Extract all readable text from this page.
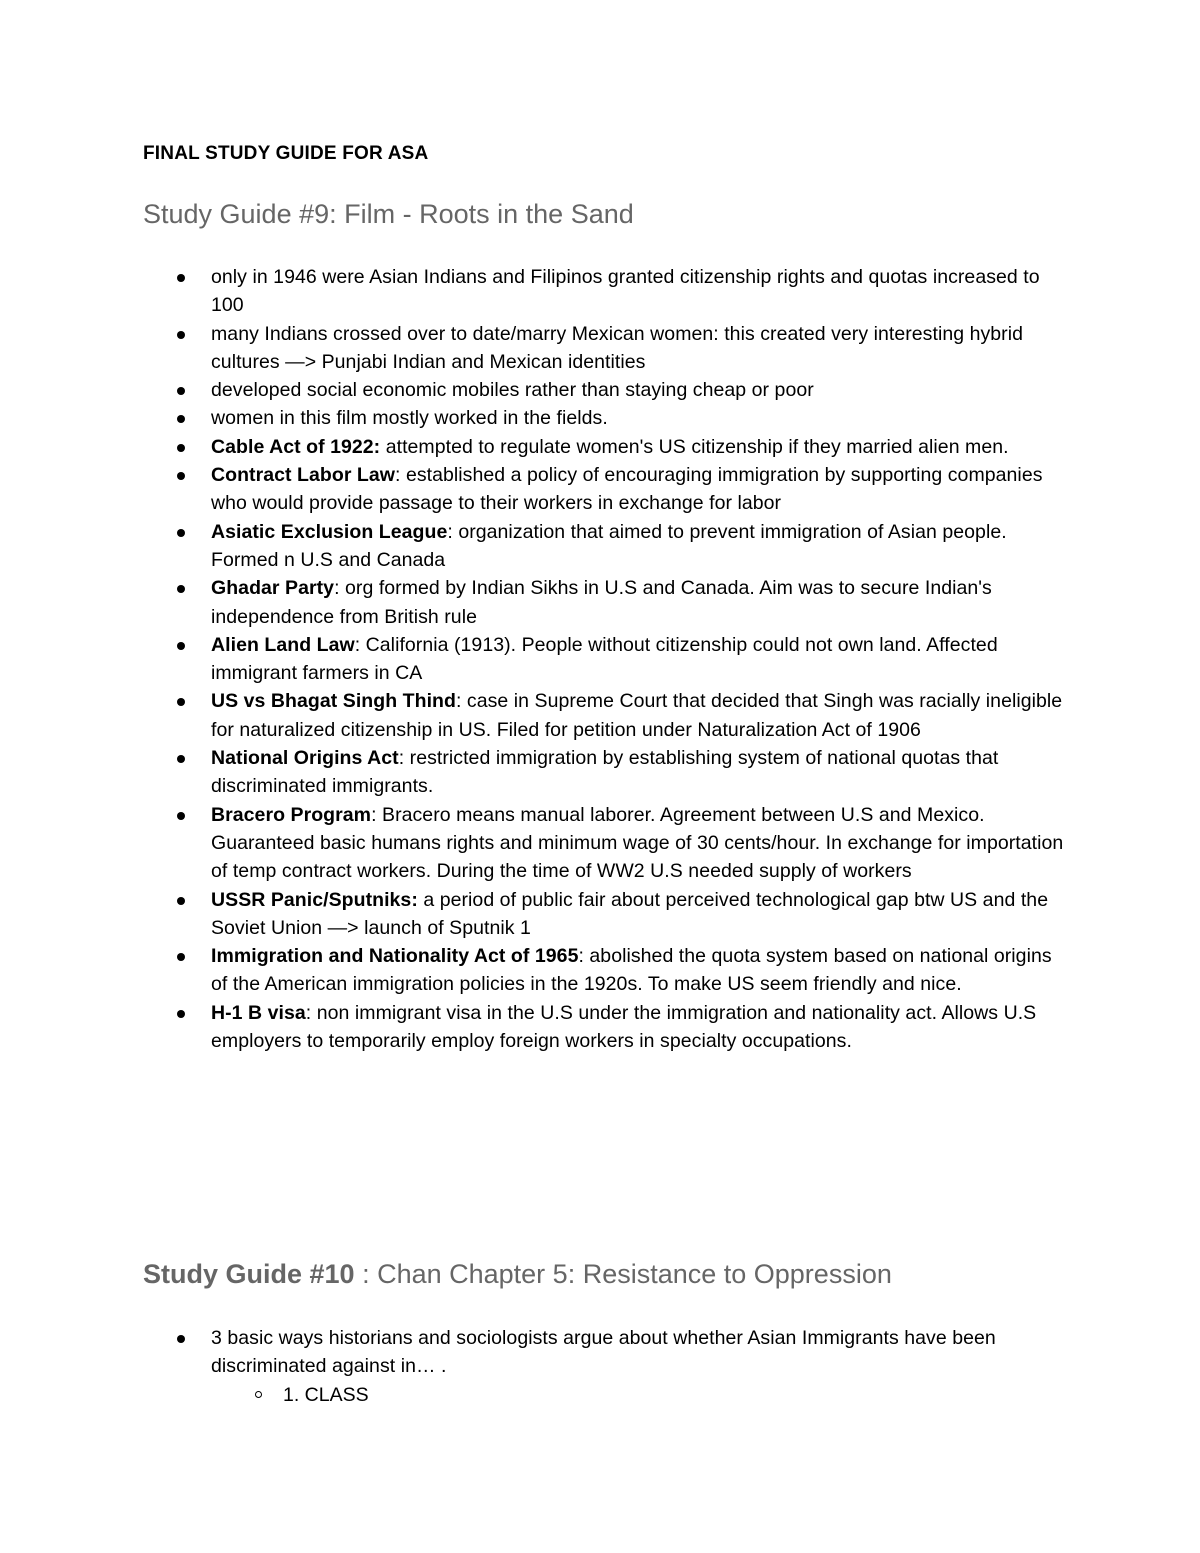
FINAL STUDY GUIDE FOR ASA
Study Guide #9: Film - Roots in the Sand
only in 1946 were Asian Indians and Filipinos granted citizenship rights and quotas increased to 100
many Indians crossed over to date/marry Mexican women: this created very interesting hybrid cultures —> Punjabi Indian and Mexican identities
developed social economic mobiles rather than staying cheap or poor
women in this film mostly worked in the fields.
Cable Act of 1922: attempted to regulate women's US citizenship if they married alien men.
Contract Labor Law: established a policy of encouraging immigration by supporting companies who would provide passage to their workers in exchange for labor
Asiatic Exclusion League: organization that aimed to prevent immigration of Asian people. Formed n U.S and Canada
Ghadar Party: org formed by Indian Sikhs in U.S and Canada. Aim was to secure Indian's independence from British rule
Alien Land Law: California (1913). People without citizenship could not own land. Affected immigrant farmers in CA
US vs Bhagat Singh Thind: case in Supreme Court that decided that Singh was racially ineligible for naturalized citizenship in US. Filed for petition under Naturalization Act of 1906
National Origins Act: restricted immigration by establishing system of national quotas that discriminated immigrants.
Bracero Program: Bracero means manual laborer. Agreement between U.S and Mexico. Guaranteed basic humans rights and minimum wage of 30 cents/hour. In exchange for importation of temp contract workers. During the time of WW2 U.S needed supply of workers
USSR Panic/Sputniks: a period of public fair about perceived technological gap btw US and the Soviet Union —> launch of Sputnik 1
Immigration and Nationality Act of 1965: abolished the quota system based on national origins of the American immigration policies in the 1920s. To make US seem friendly and nice.
H-1 B visa: non immigrant visa in the U.S under the immigration and nationality act. Allows U.S employers to temporarily employ foreign workers in specialty occupations.
Study Guide #10 : Chan Chapter 5: Resistance to Oppression
3 basic ways historians and sociologists argue about whether Asian Immigrants have been discriminated against in… .
1. CLASS
